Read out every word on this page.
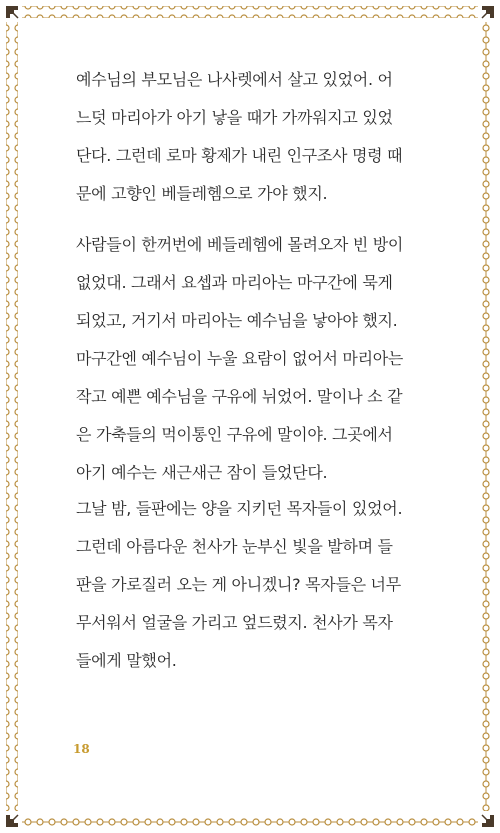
예수님의 부모님은 나사렛에서 살고 있었어. 어
느덧 마리아가 아기 낳을 때가 가까워지고 있었
단다. 그런데 로마 황제가 내린 인구조사 명령 때
문에 고향인 베들레헴으로 가야 했지.
사람들이 한꺼번에 베들레헴에 몰려오자 빈 방이
없었대. 그래서 요셉과 마리아는 마구간에 묵게
되었고, 거기서 마리아는 예수님을 낳아야 했지.
마구간엔 예수님이 누울 요람이 없어서 마리아는
작고 예쁜 예수님을 구유에 뉘었어. 말이나 소 같
은 가축들의 먹이통인 구유에 말이야. 그곳에서
아기 예수는 새근새근 잠이 들었단다.
그날 밤, 들판에는 양을 지키던 목자들이 있었어.
그런데 아름다운 천사가 눈부신 빛을 발하며 들
판을 가로질러 오는 게 아니겠니? 목자들은 너무
무서워서 얼굴을 가리고 엎드렸지. 천사가 목자
들에게 말했어.
18
